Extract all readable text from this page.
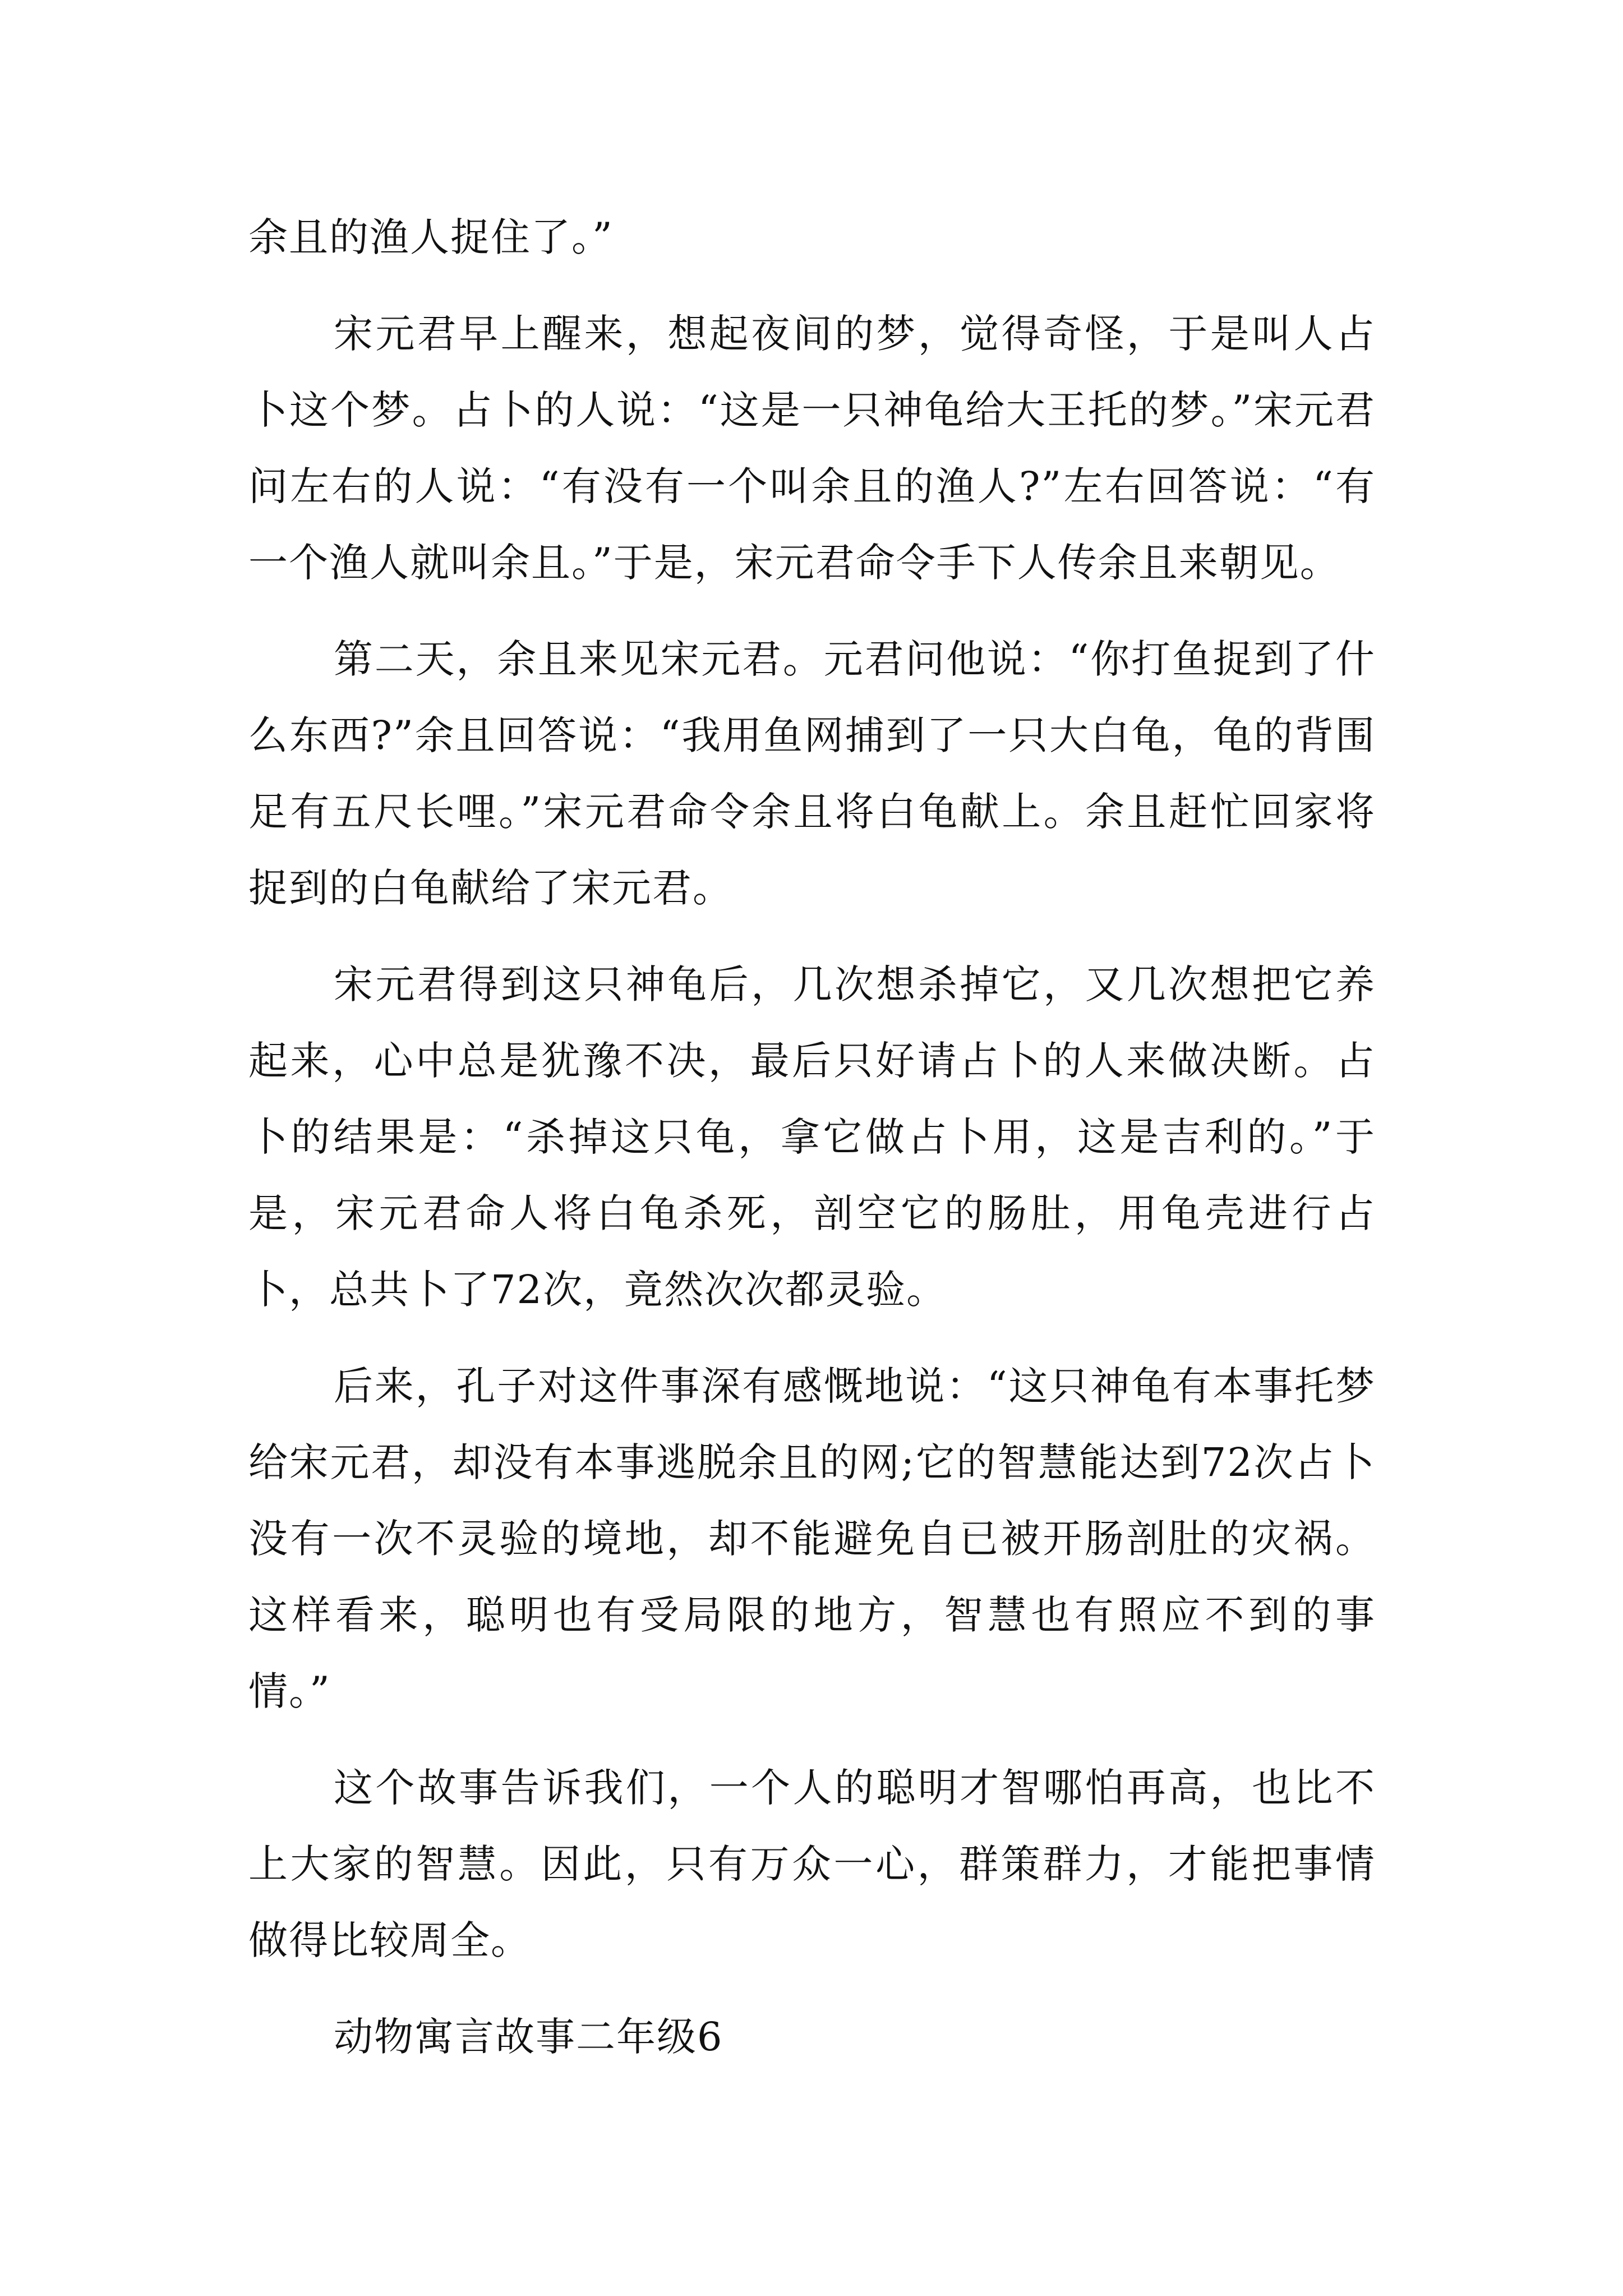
余且的渔人捉住了。”

宋元君早上醒来，想起夜间的梦，觉得奇怪，于是叫人占卜这个梦。占卜的人说：“这是一只神龟给大王托的梦。”宋元君问左右的人说：“有没有一个叫余且的渔人?”左右回答说：“有一个渔人就叫余且。”于是，宋元君命令手下人传余且来朝见。

第二天，余且来见宋元君。元君问他说：“你打鱼捉到了什么东西?”余且回答说：“我用鱼网捕到了一只大白龟，龟的背围足有五尺长哩。”宋元君命令余且将白龟献上。余且赶忙回家将捉到的白龟献给了宋元君。

宋元君得到这只神龟后，几次想杀掉它，又几次想把它养起来，心中总是犹豫不决，最后只好请占卜的人来做决断。占卜的结果是：“杀掉这只龟，拿它做占卜用，这是吉利的。”于是，宋元君命人将白龟杀死，剖空它的肠肚，用龟壳进行占卜，总共卜了72次，竟然次次都灵验。

后来，孔子对这件事深有感慨地说：“这只神龟有本事托梦给宋元君，却没有本事逃脱余且的网;它的智慧能达到72次占卜没有一次不灵验的境地，却不能避免自已被开肠剖肚的灾祸。这样看来，聪明也有受局限的地方，智慧也有照应不到的事情。”

这个故事告诉我们，一个人的聪明才智哪怕再高，也比不上大家的智慧。因此，只有万众一心，群策群力，才能把事情做得比较周全。

动物寓言故事二年级6
